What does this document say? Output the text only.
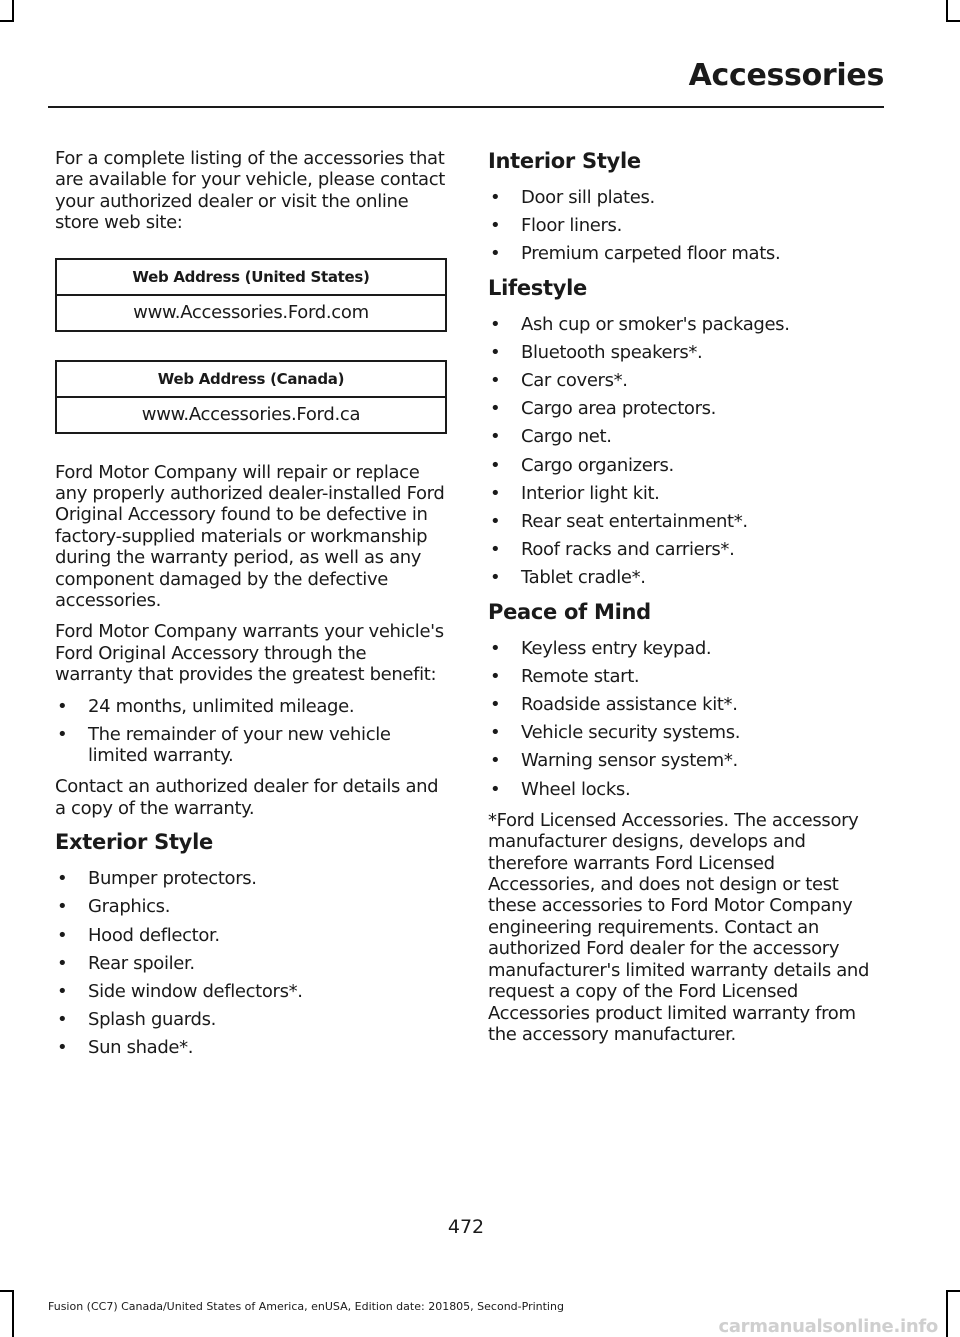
Accessories

For a complete listing of the accessories that are available for your vehicle, please contact your authorized dealer or visit the online store web site:

Web Address (United States)
www.Accessories.Ford.com
Web Address (Canada)
www.Accessories.Ford.ca

Ford Motor Company will repair or replace any properly authorized dealer-installed Ford Original Accessory found to be defective in factory-supplied materials or workmanship during the warranty period, as well as any component damaged by the defective accessories.

Ford Motor Company warrants your vehicle's Ford Original Accessory through the warranty that provides the greatest benefit:

• 24 months, unlimited mileage.
• The remainder of your new vehicle limited warranty.

Contact an authorized dealer for details and a copy of the warranty.

Exterior Style
• Bumper protectors.
• Graphics.
• Hood deflector.
• Rear spoiler.
• Side window deflectors*.
• Splash guards.
• Sun shade*.
Interior Style
• Door sill plates.
• Floor liners.
• Premium carpeted floor mats.
Lifestyle
• Ash cup or smoker's packages.
• Bluetooth speakers*.
• Car covers*.
• Cargo area protectors.
• Cargo net.
• Cargo organizers.
• Interior light kit.
• Rear seat entertainment*.
• Roof racks and carriers*.
• Tablet cradle*.
Peace of Mind
• Keyless entry keypad.
• Remote start.
• Roadside assistance kit*.
• Vehicle security systems.
• Warning sensor system*.
• Wheel locks.

*Ford Licensed Accessories. The accessory manufacturer designs, develops and therefore warrants Ford Licensed Accessories, and does not design or test these accessories to Ford Motor Company engineering requirements. Contact an authorized Ford dealer for the accessory manufacturer's limited warranty details and request a copy of the Ford Licensed Accessories product limited warranty from the accessory manufacturer.

472
Fusion (CC7) Canada/United States of America, enUSA, Edition date: 201805, Second-Printing
carmanualsonline.info
